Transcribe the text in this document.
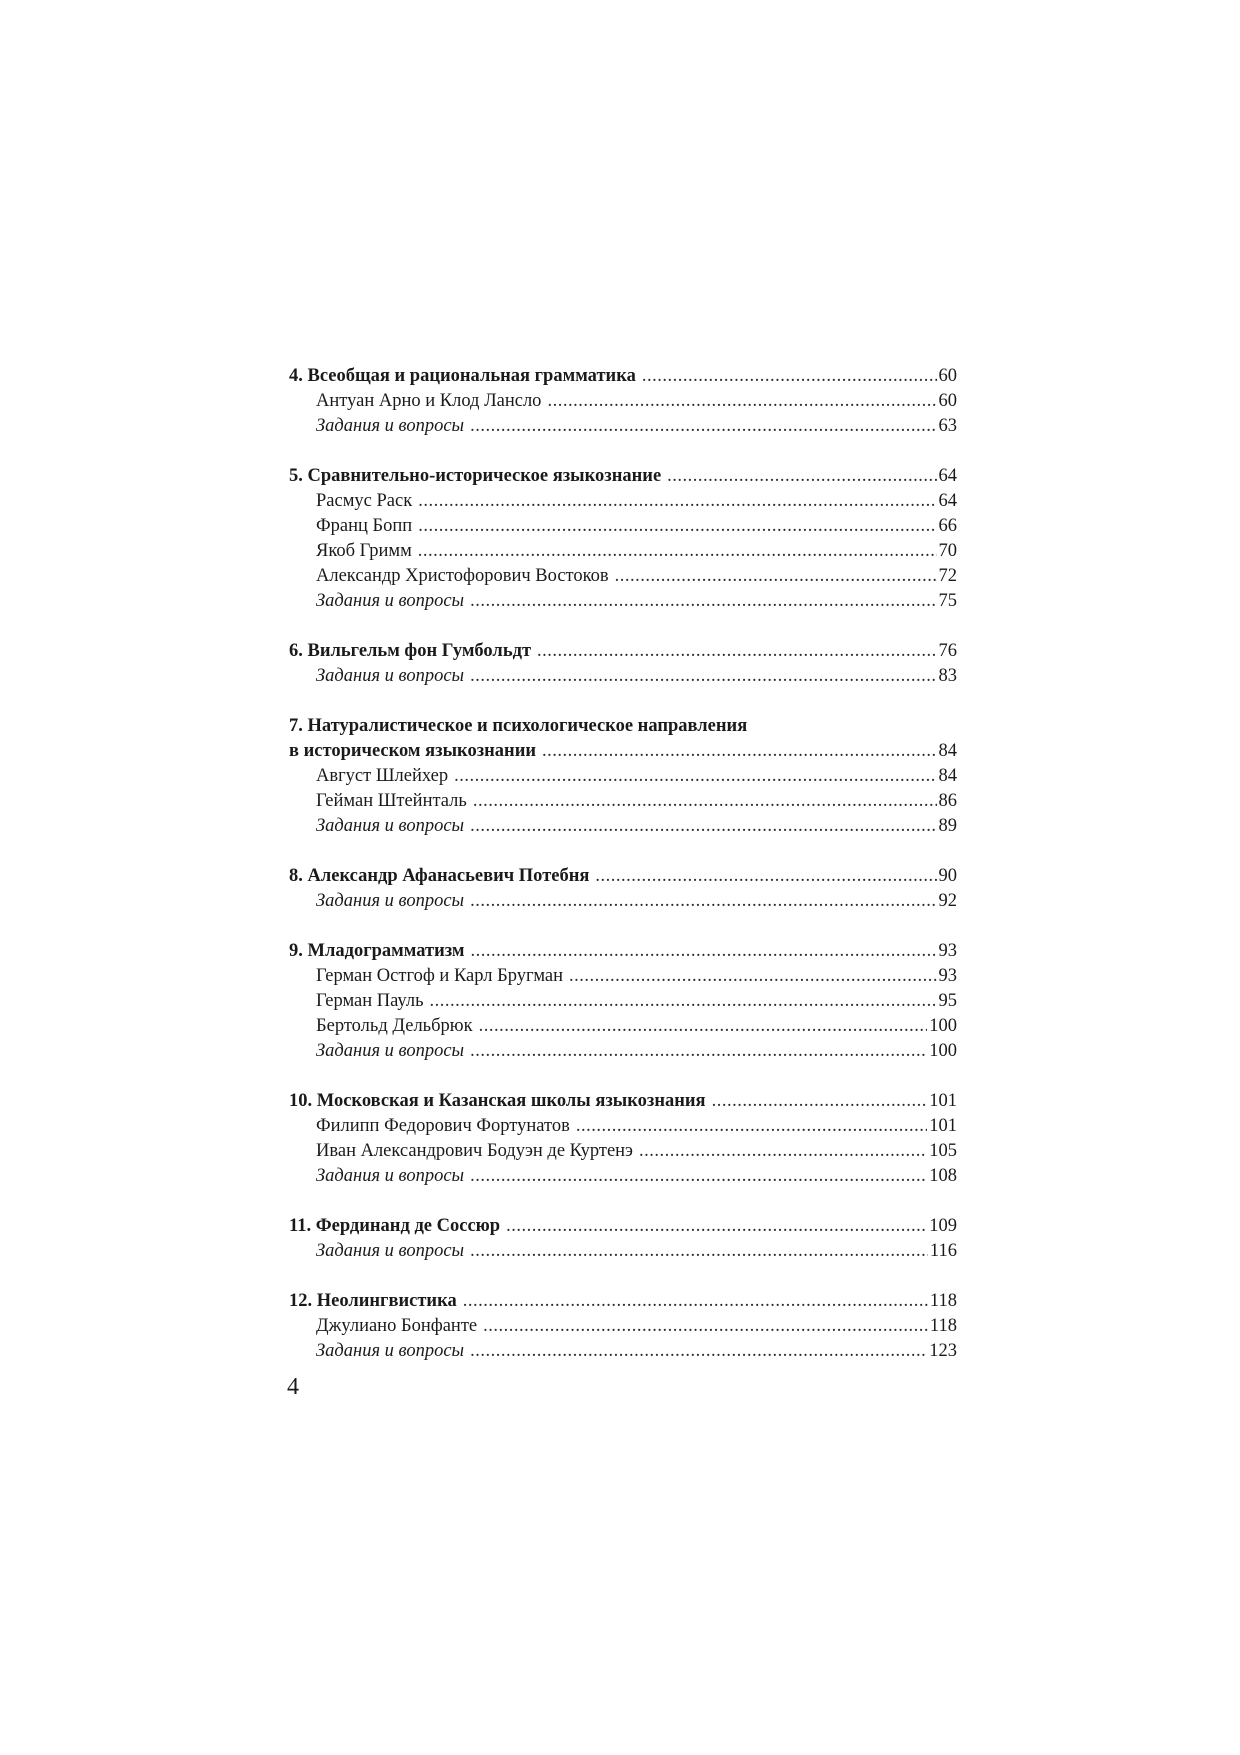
4. Всеобщая и рациональная грамматика .....	60
Антуан Арно и Клод Лансло .....	60
Задания и вопросы .....	63
5. Сравнительно-историческое языкознание .....	64
Расмус Раск .....	64
Франц Бопп .....	66
Якоб Гримм .....	70
Александр Христофорович Востоков .....	72
Задания и вопросы .....	75
6. Вильгельм фон Гумбольдт .....	76
Задания и вопросы .....	83
7. Натуралистическое и психологическое направления
в историческом языкознании .....	84
Август Шлейхер .....	84
Гейман Штейнталь .....	86
Задания и вопросы .....	89
8. Александр Афанасьевич Потебня .....	90
Задания и вопросы .....	92
9. Младограмматизм .....	93
Герман Остгоф и Карл Бругман .....	93
Герман Пауль .....	95
Бертольд Дельбрюк .....	100
Задания и вопросы .....	100
10. Московская и Казанская школы языкознания .....	101
Филипп Федорович Фортунатов .....	101
Иван Александрович Бодуэн де Куртенэ .....	105
Задания и вопросы .....	108
11. Фердинанд де Соссюр .....	109
Задания и вопросы .....	116
12. Неолингвистика .....	118
Джулиано Бонфанте .....	118
Задания и вопросы .....	123
4
